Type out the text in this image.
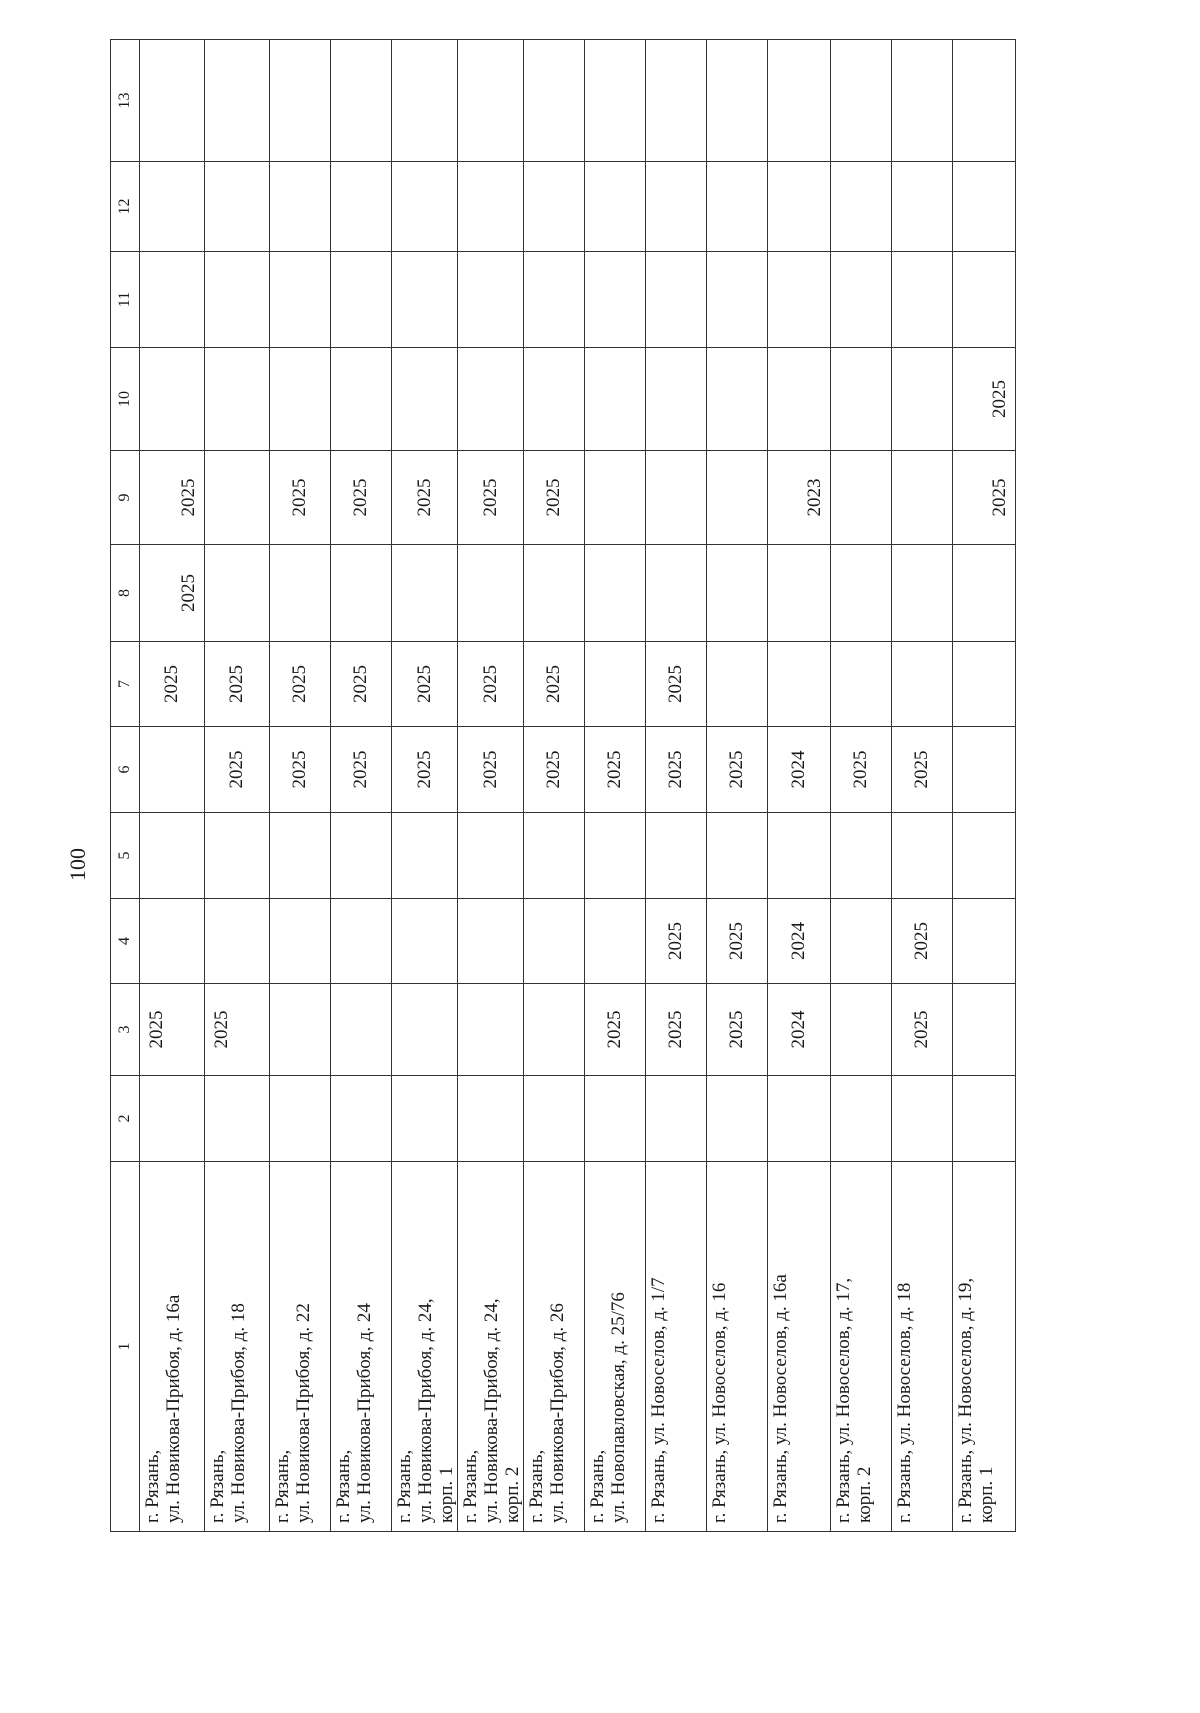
100
1	2	3	4	5	6	7	8	9	10	11	12	13
г. Рязань,
ул. Новикова-Прибоя, д. 16а		2025				2025	2025	2025				
г. Рязань,
ул. Новикова-Прибоя, д. 18		2025			2025	2025						
г. Рязань,
ул. Новикова-Прибоя, д. 22					2025	2025		2025				
г. Рязань,
ул. Новикова-Прибоя, д. 24					2025	2025		2025				
г. Рязань,
ул. Новикова-Прибоя, д. 24,
корп. 1					2025	2025		2025				
г. Рязань,
ул. Новикова-Прибоя, д. 24,
корп. 2					2025	2025		2025				
г. Рязань,
ул. Новикова-Прибоя, д. 26					2025	2025		2025				
г. Рязань,
ул. Новопавловская, д. 25/76		2025			2025							
г. Рязань, ул. Новоселов, д. 1/7		2025	2025		2025	2025						
г. Рязань, ул. Новоселов, д. 16		2025	2025		2025							
г. Рязань, ул. Новоселов, д. 16а		2024	2024		2024			2023				
г. Рязань, ул. Новоселов, д. 17,
корп. 2					2025							
г. Рязань, ул. Новоселов, д. 18		2025	2025		2025							
г. Рязань, ул. Новоселов, д. 19,
корп. 1								2025	2025			
